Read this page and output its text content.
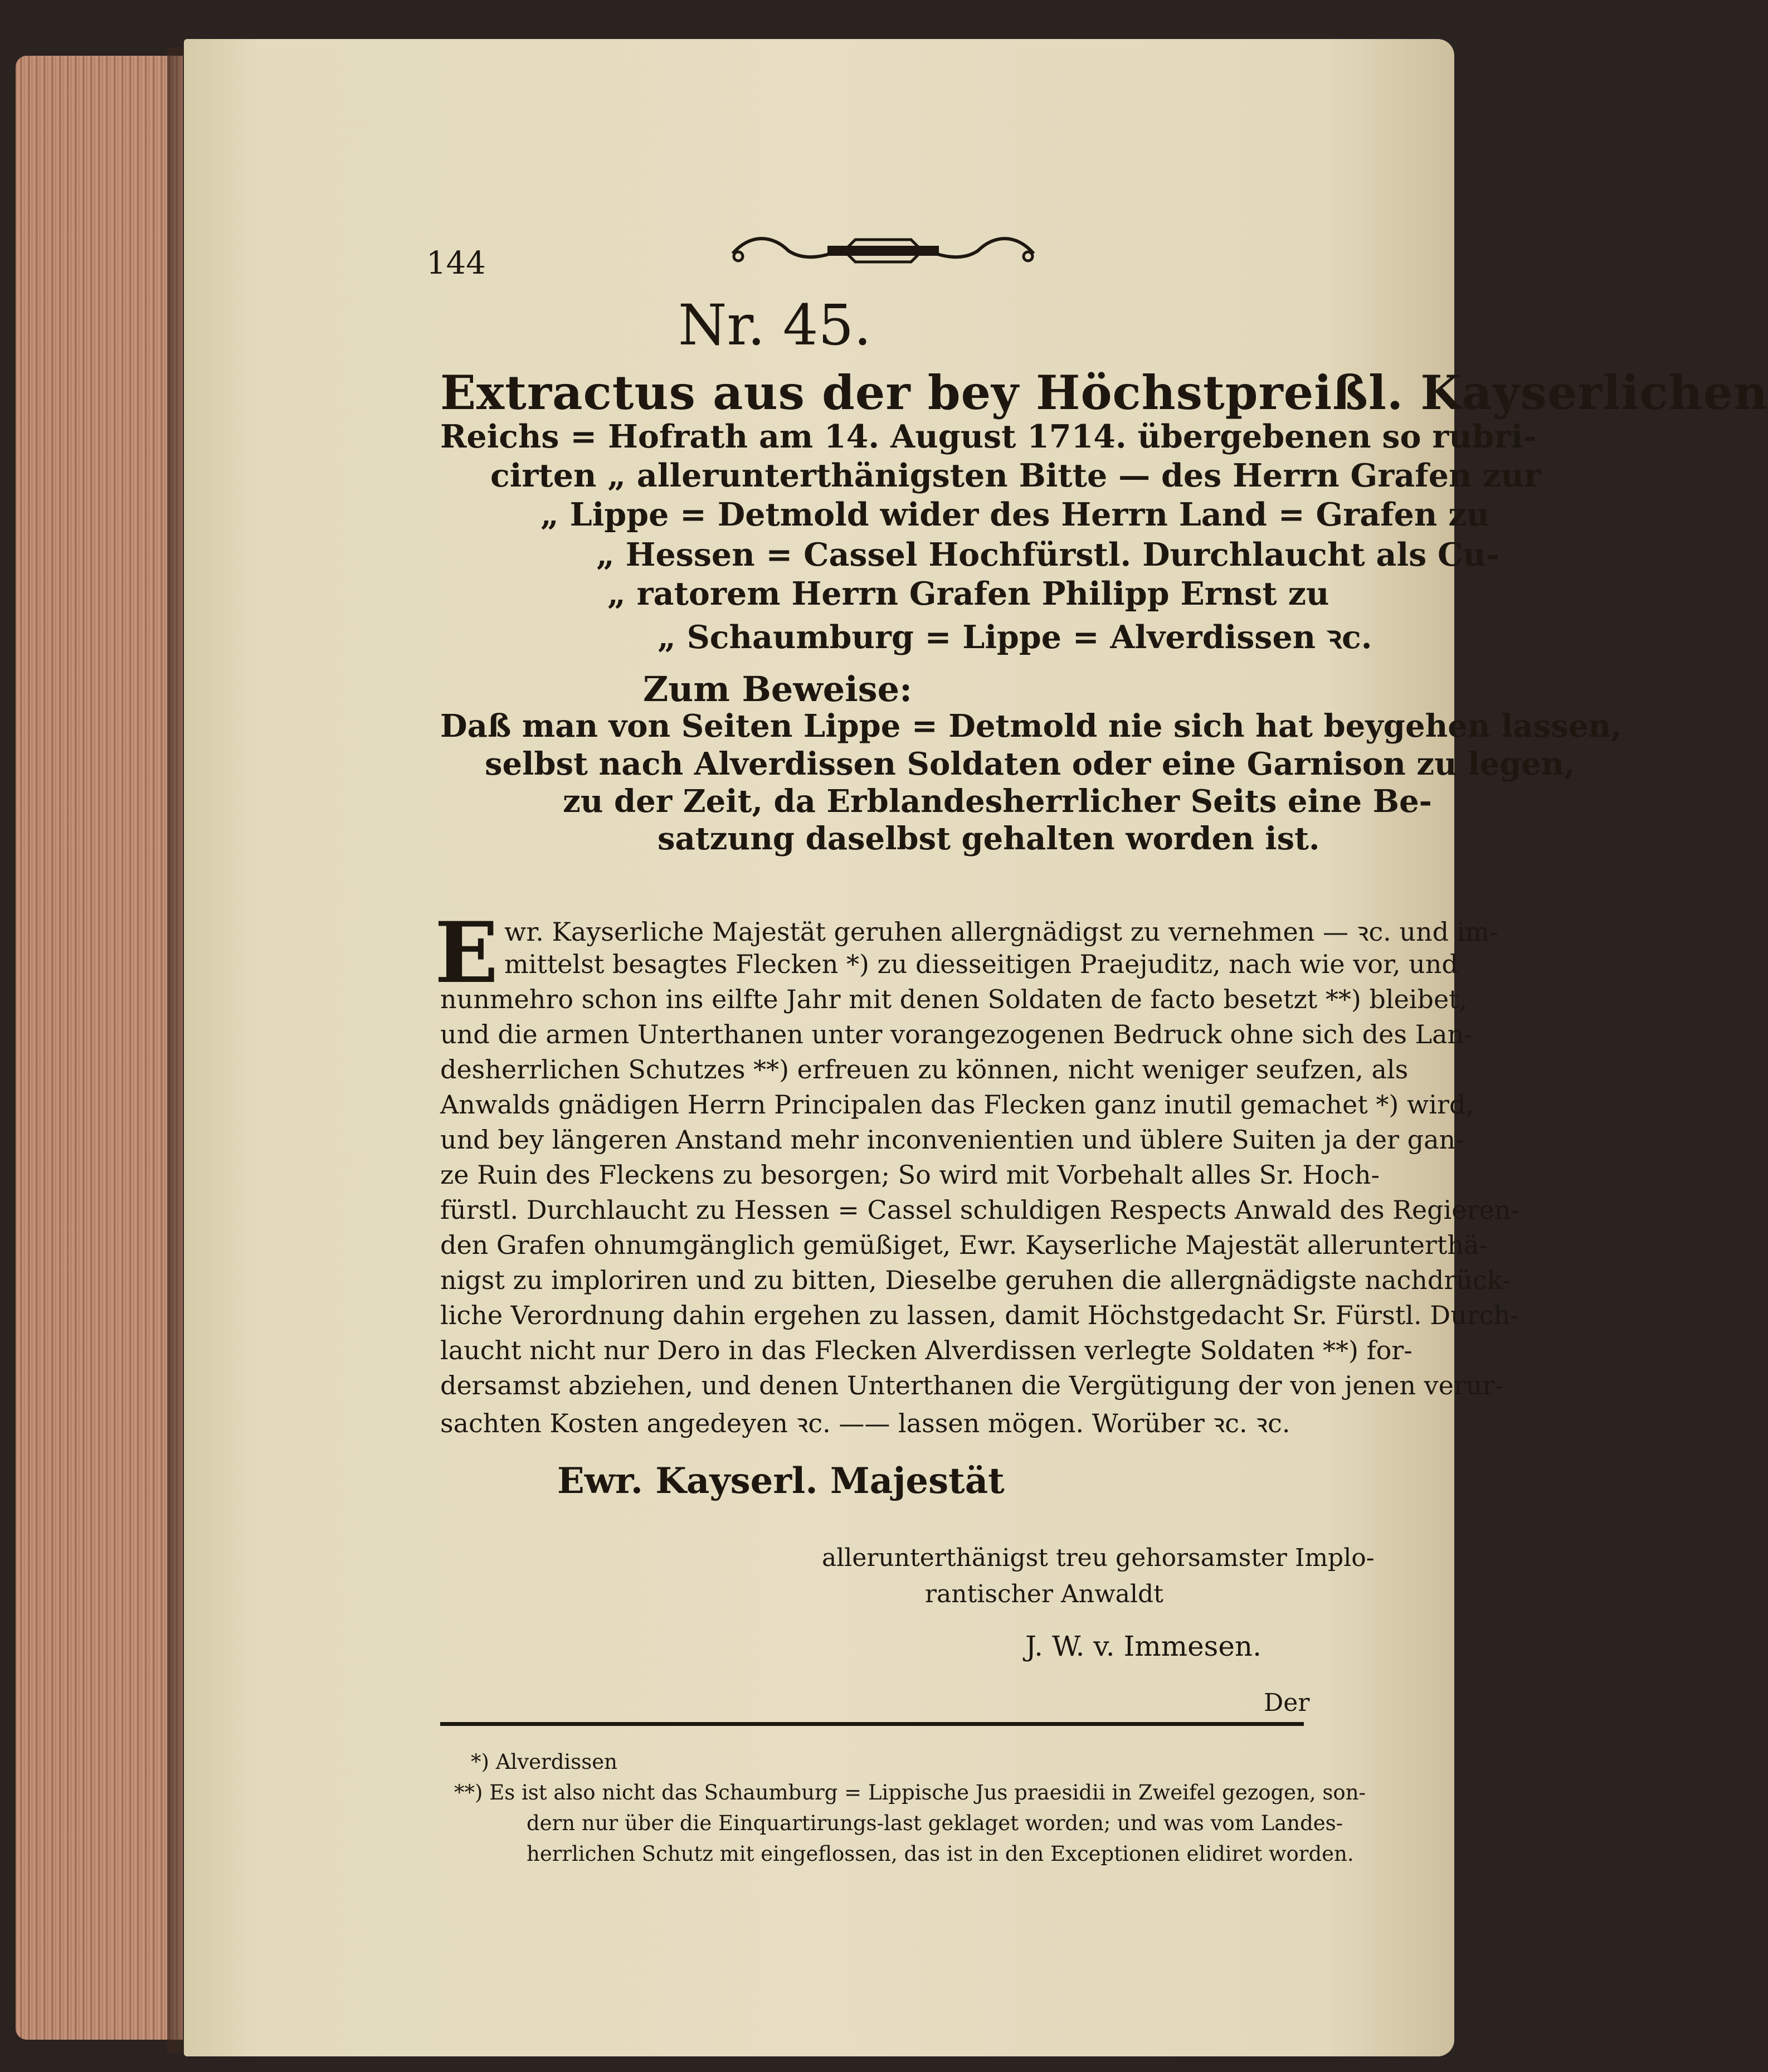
144
Nr. 45.
Extractus aus der bey Höchstpreißl. Kayserlichen
Reichs = Hofrath am 14. August 1714. übergebenen so rubri-
cirten „ allerunterthänigsten Bitte — des Herrn Grafen zur
„ Lippe = Detmold wider des Herrn Land = Grafen zu
„ Hessen = Cassel Hochfürstl. Durchlaucht als Cu-
„ ratorem Herrn Grafen Philipp Ernst zu
„ Schaumburg = Lippe = Alverdissen ꝛc.
Zum Beweise:
Daß man von Seiten Lippe = Detmold nie sich hat beygehen lassen,
selbst nach Alverdissen Soldaten oder eine Garnison zu legen,
zu der Zeit, da Erblandesherrlicher Seits eine Be-
satzung daselbst gehalten worden ist.
E wr. Kayserliche Majestät geruhen allergnädigst zu vernehmen — ꝛc. und im-
mittelst besagtes Flecken *) zu diesseitigen Praejuditz, nach wie vor, und
nunmehro schon ins eilfte Jahr mit denen Soldaten de facto besetzt **) bleibet,
und die armen Unterthanen unter vorangezogenen Bedruck ohne sich des Lan-
desherrlichen Schutzes **) erfreuen zu können, nicht weniger seufzen, als
Anwalds gnädigen Herrn Principalen das Flecken ganz inutil gemachet *) wird,
und bey längeren Anstand mehr inconvenientien und üblere Suiten ja der gan-
ze Ruin des Fleckens zu besorgen; So wird mit Vorbehalt alles Sr. Hoch-
fürstl. Durchlaucht zu Hessen = Cassel schuldigen Respects Anwald des Regieren-
den Grafen ohnumgänglich gemüßiget, Ewr. Kayserliche Majestät allerunterthä-
nigst zu imploriren und zu bitten, Dieselbe geruhen die allergnädigste nachdrück-
liche Verordnung dahin ergehen zu lassen, damit Höchstgedacht Sr. Fürstl. Durch-
laucht nicht nur Dero in das Flecken Alverdissen verlegte Soldaten **) for-
dersamst abziehen, und denen Unterthanen die Vergütigung der von jenen verur-
sachten Kosten angedeyen ꝛc. —— lassen mögen. Worüber ꝛc. ꝛc.
Ewr. Kayserl. Majestät
allerunterthänigst treu gehorsamster Implo-
rantischer Anwaldt
J. W. v. Immesen.
Der
*) Alverdissen
**) Es ist also nicht das Schaumburg = Lippische Jus praesidii in Zweifel gezogen, son-
dern nur über die Einquartirungs-last geklaget worden; und was vom Landes-
herrlichen Schutz mit eingeflossen, das ist in den Exceptionen elidiret worden.
